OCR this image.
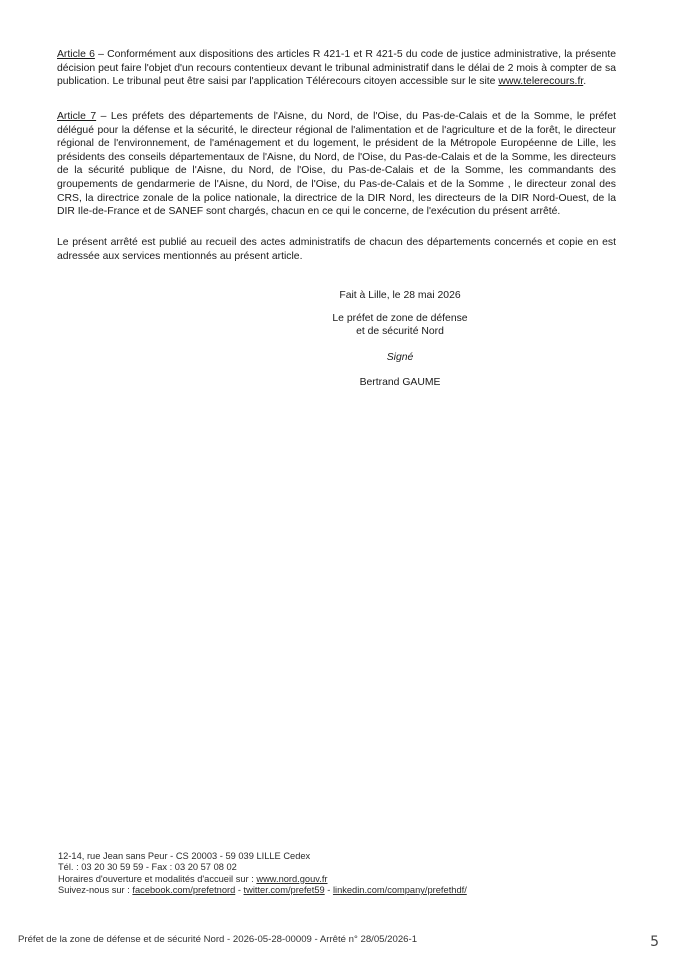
Article 6 – Conformément aux dispositions des articles R 421-1 et R 421-5 du code de justice administrative, la présente décision peut faire l'objet d'un recours contentieux devant le tribunal administratif dans le délai de 2 mois à compter de sa publication. Le tribunal peut être saisi par l'application Télérecours citoyen accessible sur le site www.telerecours.fr.

Article 7 – Les préfets des départements de l'Aisne, du Nord, de l'Oise, du Pas-de-Calais et de la Somme, le préfet délégué pour la défense et la sécurité, le directeur régional de l'alimentation et de l'agriculture et de la forêt, le directeur régional de l'environnement, de l'aménagement et du logement, le président de la Métropole Européenne de Lille, les présidents des conseils départementaux de l'Aisne, du Nord, de l'Oise, du Pas-de-Calais et de la Somme, les directeurs de la sécurité publique de l'Aisne, du Nord, de l'Oise, du Pas-de-Calais et de la Somme, les commandants des groupements de gendarmerie de l'Aisne, du Nord, de l'Oise, du Pas-de-Calais et de la Somme , le directeur zonal des CRS, la directrice zonale de la police nationale, la directrice de la DIR Nord, les directeurs de la DIR Nord-Ouest, de la DIR Ile-de-France et de SANEF sont chargés, chacun en ce qui le concerne, de l'exécution du présent arrêté.

Le présent arrêté est publié au recueil des actes administratifs de chacun des départements concernés et copie en est adressée aux services mentionnés au présent article.

Fait à Lille, le 28 mai 2026
Le préfet de zone de défense
et de sécurité Nord
Signé
Bertrand GAUME
12-14, rue Jean sans Peur - CS 20003 - 59 039 LILLE Cedex
Tél. : 03 20 30 59 59 - Fax : 03 20 57 08 02
Horaires d'ouverture et modalités d'accueil sur : www.nord.gouv.fr
Suivez-nous sur : facebook.com/prefetnord - twitter.com/prefet59 - linkedin.com/company/prefethdf/
Préfet de la zone de défense et de sécurité Nord - 2026-05-28-00009 - Arrêté n° 28/05/2026-1	5
